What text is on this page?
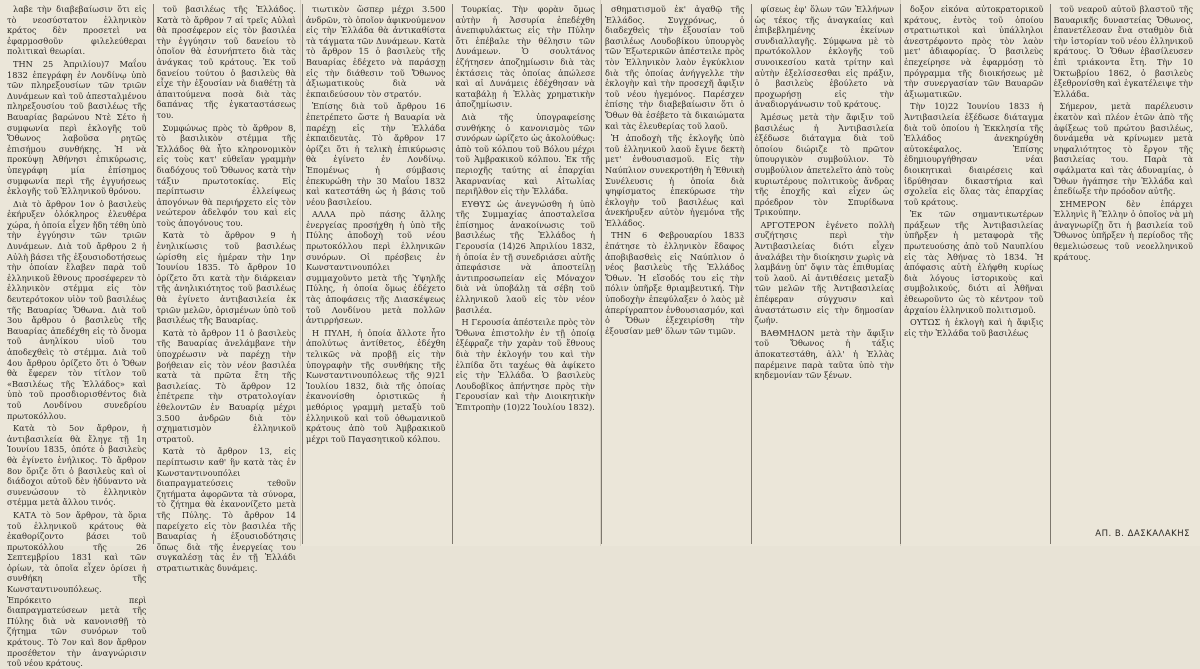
λαβε τὴν διαβεβαίωσιν ὅτι εἰς τὸ νεοσύστατον ἑλληνικὸν κράτος δὲν προσετεὶ να ἐφαρμοσθοῦν φιλελεύθεραι πολιτικαὶ θεωρίαι.

ΤΗΝ 25 Ἀπριλίου)7 Μαΐου 1832 ἐπεγράφη ἐν Λονδίνῳ ὑπὸ τῶν πληρεξουσίων τῶν τριῶν Δυνάμεων καὶ τοῦ ἀπεσταλμένου πληρεξουσίου τοῦ βασιλέως τῆς Βαυαρίας βαρώνου Ντὲ Σέτο ἡ συμφωνία περὶ ἐκλογῆς τοῦ Ὄθωνος λαβοῦσα ρητῶς ἐπισήμου συνθήκης. Ἡ νὰ προκύψῃ Ἀθήνησι ἐπικύρωσις, ὑπεγράφη μία ἐπίσημος συμφωνία περὶ τῆς ἐγγυήσεως ἐκλογῆς τοῦ Ἑλληνικοῦ θρόνου.

Διὰ τὸ ἄρθρον 1ον ὁ βασιλεὺς ἐκήρυξεν ὁλόκληρος ἐλευθέρα χώρα, ἡ ὁποία εἶχεν ἤδη τέθη ὑπὸ τὴν ἐγγύησιν τῶν τριῶν Δυνάμεων. Διὰ τοῦ ἄρθρου 2 ἡ Αὐλὴ βάσει τῆς ἐξουσιοδοτήσεως τὴν ὁποίαν ἔλαβεν παρὰ τοῦ ἑλληνικοῦ ἔθνους προσέφερεν τὸ ἑλληνικὸν στέμμα εἰς τὸν δευτερότοκον υἱὸν τοῦ βασιλέως τῆς Βαυαρίας Ὄθωνα. Διὰ τοῦ 3ου ἄρθρου ὁ βασιλεὺς τῆς Βαυαρίας ἀπεδέχθη εἰς τὸ ὄνομα τοῦ ἀνηλίκου υἱοῦ του ἀποδεχθεὶς τὸ στέμμα. Διὰ τοῦ 4ου ἄρθρου ὁρίζετο ὅτι ὁ Ὄθων θὰ ἔφερεν τὸν τίτλον τοῦ «Βασιλέως τῆς Ἑλλάδος» καὶ ὑπὸ τοῦ προσδιορισθέντος διὰ τοῦ Λονδίνου συνεδρίου πρωτοκόλλου.

Κατὰ τὸ 5ον ἄρθρον, ἡ ἀντιβασιλεία θὰ ἔληγε τῇ 1η Ἰουνίου 1835, ὁπότε ὁ βασιλεὺς θὰ ἐγίνετο ἐνήλικος. Τὸ ἄρθρον 8ον ὅριζε ὅτι ὁ βασιλεὺς καὶ οἱ διάδοχοι αὐτοῦ δὲν ἠδύναντο νὰ συνενώσουν τὸ ἑλληνικὸν στέμμα μετὰ ἄλλου τινός.

ΚΑΤΑ τὸ 5ον ἄρθρον, τὰ ὅρια τοῦ ἑλληνικοῦ κράτους θὰ ἐκαθορίζοντο βάσει τοῦ πρωτοκόλλου τῆς 26 Σεπτεμβρίου 1831 καὶ τῶν ὁρίων, τὰ ὁποῖα εἶχεν ὁρίσει ἡ συνθήκη τῆς Κωνσταντινουπόλεως. Ἐπρόκειτο περὶ διαπραγματεύσεων μετὰ τῆς Πύλης διὰ νὰ κανονισθῇ τὸ ζήτημα τῶν συνόρων τοῦ κράτους. Τὸ 7ον καὶ 8ον ἄρθρον προσέθετον τὴν ἀναγνώρισιν τοῦ νέου κράτους.

τοῦ βασιλέως τῆς Ἑλλάδος. Κατὰ τὸ ἄρθρον 7 αἱ τρεῖς Αὐλαὶ θὰ προσέφερον εἰς τὸν βασιλέα τὴν ἐγγύησιν τοῦ δανείου τὸ ὁποῖον θὰ ἐσυνήπτετο διὰ τὰς ἀνάγκας τοῦ κράτους. Ἐκ τοῦ δανείου τούτου ὁ βασιλεὺς θὰ εἶχε τὴν ἐξουσίαν νὰ διαθέτῃ τὰ ἀπαιτούμενα ποσὰ διὰ τὰς δαπάνας τῆς ἐγκαταστάσεως του.

Συμφώνως πρὸς τὸ ἄρθρον 8, τὸ βασιλικὸν στέμμα τῆς Ἑλλάδος θὰ ἦτο κληρονομικὸν εἰς τοὺς κατ' εὐθεῖαν γραμμὴν διαδόχους τοῦ Ὄθωνος κατὰ τὴν τάξιν πρωτοτοκίας. Εἰς περίπτωσιν ἐλλείψεως ἀπογόνων θὰ περιήρχετο εἰς τὸν νεώτερον ἀδελφόν του καὶ εἰς τοὺς ἀπογόνους του.

Κατὰ τὸ ἄρθρον 9 ἡ ἐνηλικίωσις τοῦ βασιλέως ὡρίσθη εἰς ἡμέραν τὴν 1ην Ἰουνίου 1835. Τὸ ἄρθρον 10 ὁρίζετο ὅτι κατὰ τὴν διάρκειαν τῆς ἀνηλικιότητος τοῦ βασιλέως θὰ ἐγίνετο ἀντιβασιλεία ἐκ τριῶν μελῶν, ὁρισμένων ὑπὸ τοῦ βασιλέως τῆς Βαυαρίας.

Κατὰ τὸ ἄρθρον 11 ὁ βασιλεὺς τῆς Βαυαρίας ἀνελάμβανε τὴν ὑποχρέωσιν νὰ παρέχῃ τὴν βοήθειαν εἰς τὸν νέον βασιλέα κατὰ τὰ πρῶτα ἔτη τῆς βασιλείας. Τὸ ἄρθρον 12 ἐπέτρεπε τὴν στρατολογίαν ἐθελοντῶν ἐν Βαυαρίᾳ μέχρι 3.500 ἀνδρῶν διὰ τὸν σχηματισμὸν ἑλληνικοῦ στρατοῦ.

Κατὰ τὸ ἄρθρον 13, εἰς περίπτωσιν καθ' ἣν κατὰ τὰς ἐν Κωνσταντινουπόλει διαπραγματεύσεις τεθοῦν ζητήματα ἀφορῶντα τὰ σύνορα, τὸ ζήτημα θὰ ἐκανονίζετο μετὰ τῆς Πύλης. Τὸ ἄρθρον 14 παρείχετο εἰς τὸν βασιλέα τῆς Βαυαρίας ἡ ἐξουσιοδότησις ὅπως διὰ τῆς ἐνεργείας του συγκαλέσῃ τὰς ἐν τῇ Ἑλλάδι στρατιωτικὰς δυνάμεις.

τιωτικὸν ὥσπερ μέχρι 3.500 ἀνδρῶν, τὸ ὁποῖον ἀφικνούμενον εἰς τὴν Ἑλλάδα θὰ ἀντικαθίστα τὰ τάγματα τῶν Δυνάμεων. Κατὰ τὸ ἄρθρον 15 ὁ βασιλεὺς τῆς Βαυαρίας ἐδέχετο νὰ παράσχῃ εἰς τὴν διάθεσιν τοῦ Ὄθωνος ἀξιωματικοὺς διὰ νὰ ἐκπαιδεύσουν τὸν στρατόν.

Ἐπίσης διὰ τοῦ ἄρθρου 16 ἐπετρέπετο ὥστε ἡ Βαυαρία νὰ παρέχῃ εἰς τὴν Ἑλλάδα ἐκπαιδευτὰς. Τὸ ἄρθρον 17 ὁρίζει ὅτι ἡ τελικὴ ἐπικύρωσις θὰ ἐγίνετο ἐν Λονδίνῳ. Ἑπομένως ἡ σύμβασις ἐπεκυρώθη τὴν 30 Μαΐου 1832 καὶ κατεστάθη ὡς ἡ βάσις τοῦ νέου βασιλείου.

ΑΛΛΑ πρὸ πάσης ἄλλης ἐνεργείας προσήχθη ἡ ὑπὸ τῆς Πύλης ἀποδοχὴ τοῦ νέου πρωτοκόλλου περὶ ἑλληνικῶν συνόρων. Οἱ πρέσβεις ἐν Κωνσταντινουπόλει συμμαχοῦντο μετὰ τῆς Ὑψηλῆς Πύλης, ἡ ὁποία ὅμως ἐδέχετο τὰς ἀποφάσεις τῆς Διασκέψεως τοῦ Λονδίνου μετὰ πολλῶν ἀντιρρήσεων.

Η ΠΥΛΗ, ἡ ὁποία ἄλλοτε ἦτο ἀπολύτως ἀντίθετος, ἐδέχθη τελικῶς νὰ προβῇ εἰς τὴν ὑπογραφὴν τῆς συνθήκης τῆς Κωνσταντινουπόλεως τῆς 9)21 Ἰουλίου 1832, διὰ τῆς ὁποίας ἐκανονίσθη ὁριστικῶς ἡ μεθόριος γραμμὴ μεταξὺ τοῦ ἑλληνικοῦ καὶ τοῦ ὀθωμανικοῦ κράτους ἀπὸ τοῦ Ἀμβρακικοῦ μέχρι τοῦ Παγασητικοῦ κόλπου.

Τουρκίας. Τὴν φορὰν ὅμως αὐτὴν ἡ Ἀσσυρία ἐπεδέχθη ἀνεπιφυλάκτως εἰς τὴν Πύλην ὅτι ἐπέβαλε τὴν θέλησιν τῶν Δυνάμεων. Ὁ σουλτάνος ἐζήτησεν ἀποζημίωσιν διὰ τὰς ἐκτάσεις τὰς ὁποίας ἀπώλεσε καὶ αἱ Δυνάμεις ἐδέχθησαν νὰ καταβάλῃ ἡ Ἑλλὰς χρηματικὴν ἀποζημίωσιν.

Διὰ τῆς ὑπογραφείσης συνθήκης ὁ κανονισμὸς τῶν συνόρων ὡρίζετο ὡς ἀκολούθως: ἀπὸ τοῦ κόλπου τοῦ Βόλου μέχρι τοῦ Ἀμβρακικοῦ κόλπου. Ἐκ τῆς περιοχῆς ταύτης αἱ ἐπαρχίαι Ἀκαρνανίας καὶ Αἰτωλίας περιῆλθον εἰς τὴν Ἑλλάδα.

ΕΥΘΥΣ ὡς ἀνεγνώσθη ἡ ὑπὸ τῆς Συμμαχίας ἀποσταλεῖσα ἐπίσημος ἀνακοίνωσις τοῦ βασιλέως τῆς Ἑλλάδος ἡ Γερουσία (14)26 Ἀπριλίου 1832, ἡ ὁποία ἐν τῇ συνεδριάσει αὐτῆς ἀπεφάσισε νὰ ἀποστείλῃ ἀντιπροσωπείαν εἰς Μόναχον διὰ νὰ ὑποβάλῃ τὰ σέβη τοῦ ἑλληνικοῦ λαοῦ εἰς τὸν νέον βασιλέα.

Η Γερουσία ἀπέστειλε πρὸς τὸν Ὄθωνα ἐπιστολὴν ἐν τῇ ὁποίᾳ ἐξέφραζε τὴν χαρὰν τοῦ ἔθνους διὰ τὴν ἐκλογήν του καὶ τὴν ἐλπίδα ὅτι ταχέως θὰ ἀφίκετο εἰς τὴν Ἑλλάδα. Ὁ βασιλεὺς Λουδοβῖκος ἀπήντησε πρὸς τὴν Γερουσίαν καὶ τὴν Διοικητικὴν Ἐπιτροπὴν (10)22 Ἰουλίου 1832).

σθηματισμοῦ ἐκ' ἀγαθῷ τῆς Ἑλλάδος. Συγχρόνως, ὁ διαδεχθεὶς τὴν ἐξουσίαν τοῦ βασιλέως Λουδοβίκου ὑπουργὸς τῶν Ἐξωτερικῶν ἀπέστειλε πρὸς τὸν Ἑλληνικὸν λαὸν ἐγκύκλιον διὰ τῆς ὁποίας ἀνήγγελλε τὴν ἐκλογὴν καὶ τὴν προσεχῆ ἄφιξιν τοῦ νέου ἡγεμόνος. Παρέσχεν ἐπίσης τὴν διαβεβαίωσιν ὅτι ὁ Ὄθων θὰ ἐσέβετο τὰ δικαιώματα καὶ τὰς ἐλευθερίας τοῦ λαοῦ.

Ἡ ἀποδοχὴ τῆς ἐκλογῆς ὑπὸ τοῦ ἑλληνικοῦ λαοῦ ἔγινε δεκτὴ μετ' ἐνθουσιασμοῦ. Εἰς τὴν Ναύπλιον συνεκροτήθη ἡ Ἐθνικὴ Συνέλευσις ἡ ὁποία διὰ ψηφίσματος ἐπεκύρωσε τὴν ἐκλογὴν τοῦ βασιλέως καὶ ἀνεκήρυξεν αὐτὸν ἡγεμόνα τῆς Ἑλλάδος.

ΤΗΝ 6 Φεβρουαρίου 1833 ἐπάτησε τὸ ἑλληνικὸν ἔδαφος ἀποβιβασθεὶς εἰς Ναύπλιον ὁ νέος βασιλεὺς τῆς Ἑλλάδος Ὄθων. Ἡ εἴσοδός του εἰς τὴν πόλιν ὑπῆρξε θριαμβευτική. Τὴν ὑποδοχὴν ἐπεφύλαξεν ὁ λαὸς μὲ ἀπερίγραπτον ἐνθουσιασμόν, καὶ ὁ Ὄθων ἐξεχειρίσθη τὴν ἐξουσίαν μεθ' ὅλων τῶν τιμῶν.

φίσεως ἐφ' ὅλων τῶν Ἑλλήνων ὡς τέκος τῆς ἀναγκαίας καὶ ἐπιβεβλημένης ἐκείνων συνδιαλλαγῆς. Σύμφωνα μὲ τὸ πρωτόκολλον ἐκλογῆς τοῦ συνοικεσίου κατὰ τρίτην καὶ αὐτὴν ἐξελίσσεσθαι εἰς πράξιν, ὁ βασιλεὺς ἐβούλετο νὰ προχωρήσῃ εἰς τὴν ἀναδιοργάνωσιν τοῦ κράτους.

Ἀμέσως μετὰ τὴν ἄφιξιν τοῦ βασιλέως ἡ Ἀντιβασιλεία ἐξέδωσε διάταγμα διὰ τοῦ ὁποίου διώριζε τὸ πρῶτον ὑπουργικὸν συμβούλιον. Τὸ συμβούλιον ἀπετελεῖτο ἀπὸ τοὺς κυριωτέρους πολιτικοὺς ἄνδρας τῆς ἐποχῆς καὶ εἶχεν ὡς πρόεδρον τὸν Σπυρίδωνα Τρικούπην.

ΑΡΓΟΤΕΡΟΝ ἐγένετο πολλὴ συζήτησις περὶ τὴν Ἀντιβασιλείας διότι εἶχεν ἀναλάβει τὴν διοίκησιν χωρὶς νὰ λαμβάνῃ ὑπ' ὄψιν τὰς ἐπιθυμίας τοῦ λαοῦ. Αἱ ἀντιθέσεις μεταξὺ τῶν μελῶν τῆς Ἀντιβασιλείας ἐπέφεραν σύγχυσιν καὶ ἀναστάτωσιν εἰς τὴν δημοσίαν ζωήν.

ΒΑΘΜΗΔΟΝ μετὰ τὴν ἄφιξιν τοῦ Ὄθωνος ἡ τάξις ἀποκατεστάθη, ἀλλ' ἡ Ἑλλὰς παρέμεινε παρὰ ταῦτα ὑπὸ τὴν κηδεμονίαν τῶν ξένων.

δοξον εἰκόνα αὐτοκρατορικοῦ κράτους, ἐντὸς τοῦ ὁποίου στρατιωτικοὶ καὶ ὑπάλληλοι ἀνεστρέφοντο πρὸς τὸν λαὸν μετ' ἀδιαφορίας. Ὁ βασιλεὺς ἐπεχείρησε νὰ ἐφαρμόσῃ τὸ πρόγραμμα τῆς διοικήσεως μὲ τὴν συνεργασίαν τῶν Βαυαρῶν ἀξιωματικῶν.

Τὴν 10)22 Ἰουνίου 1833 ἡ Ἀντιβασιλεία ἐξέδωσε διάταγμα διὰ τοῦ ὁποίου ἡ Ἐκκλησία τῆς Ἑλλάδος ἀνεκηρύχθη αὐτοκέφαλος. Ἐπίσης ἐδημιουργήθησαν νέαι διοικητικαὶ διαιρέσεις καὶ ἱδρύθησαν δικαστήρια καὶ σχολεῖα εἰς ὅλας τὰς ἐπαρχίας τοῦ κράτους.

Ἐκ τῶν σημαντικωτέρων πράξεων τῆς Ἀντιβασιλείας ὑπῆρξεν ἡ μεταφορὰ τῆς πρωτευούσης ἀπὸ τοῦ Ναυπλίου εἰς τὰς Ἀθήνας τὸ 1834. Ἡ ἀπόφασις αὐτὴ ἐλήφθη κυρίως διὰ λόγους ἱστορικοὺς καὶ συμβολικούς, διότι αἱ Ἀθῆναι ἐθεωροῦντο ὡς τὸ κέντρον τοῦ ἀρχαίου ἑλληνικοῦ πολιτισμοῦ.

ΟΥΤΩΣ ἡ ἐκλογὴ καὶ ἡ ἄφιξις εἰς τὴν Ἑλλάδα τοῦ βασιλέως

τοῦ νεαροῦ αὐτοῦ βλαστοῦ τῆς Βαυαρικῆς δυναστείας Ὄθωνος, ἐπανετέλεσαν ἕνα σταθμὸν διὰ τὴν ἱστορίαν τοῦ νέου ἑλληνικοῦ κράτους. Ὁ Ὄθων ἐβασίλευσεν ἐπὶ τριάκοντα ἔτη. Τὴν 10 Ὀκτωβρίου 1862, ὁ βασιλεὺς ἐξεθρονίσθη καὶ ἐγκατέλειψε τὴν Ἑλλάδα.

Σήμερον, μετὰ παρέλευσιν ἑκατὸν καὶ πλέον ἐτῶν ἀπὸ τῆς ἀφίξεως τοῦ πρώτου βασιλέως, δυνάμεθα νὰ κρίνωμεν μετὰ νηφαλιότητος τὸ ἔργον τῆς βασιλείας του. Παρὰ τὰ σφάλματα καὶ τὰς ἀδυναμίας, ὁ Ὄθων ἠγάπησε τὴν Ἑλλάδα καὶ ἐπεδίωξε τὴν πρόοδον αὐτῆς.

ΣΗΜΕΡΟΝ δὲν ἐπάρχει Ἑλληνὶς ἢ Ἕλλην ὁ ὁποῖος νὰ μὴ ἀναγνωρίζῃ ὅτι ἡ βασιλεία τοῦ Ὄθωνος ὑπῆρξεν ἡ περίοδος τῆς θεμελιώσεως τοῦ νεοελληνικοῦ κράτους.

ΑΠ. Β. ΔΑΣΚΑΛΑΚΗΣ
